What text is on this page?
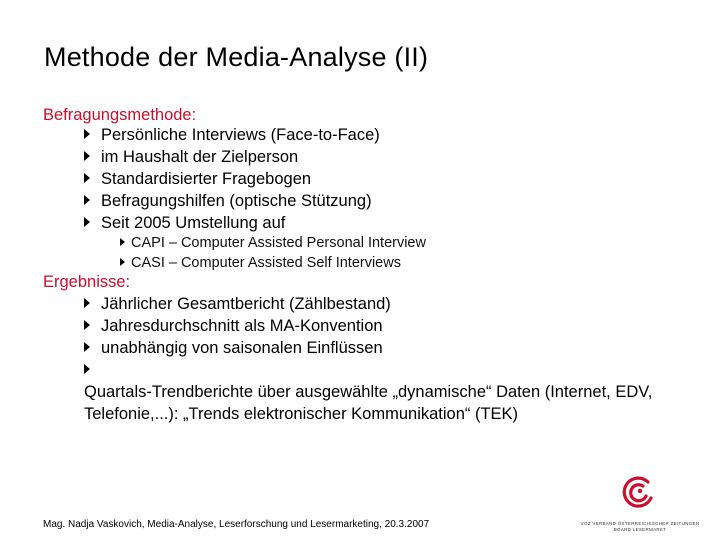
Methode der Media-Analyse (II)
Befragungsmethode:
Persönliche Interviews (Face-to-Face)
im Haushalt der Zielperson
Standardisierter Fragebogen
Befragungshilfen (optische Stützung)
Seit 2005 Umstellung auf
CAPI – Computer Assisted Personal Interview
CASI – Computer Assisted Self Interviews
Ergebnisse:
Jährlicher Gesamtbericht (Zählbestand)
Jahresdurchschnitt als MA-Konvention
unabhängig von saisonalen Einflüssen
Quartals-Trendberichte über ausgewählte „dynamische“ Daten (Internet, EDV, Telefonie,...): „Trends elektronischer Kommunikation“ (TEK)
Mag. Nadja Vaskovich, Media-Analyse, Leserforschung und Lesermarketing, 20.3.2007	VOZ VERBAND ÖSTERREICHISCHER ZEITUNGEN
BOARD LESERMARKT
